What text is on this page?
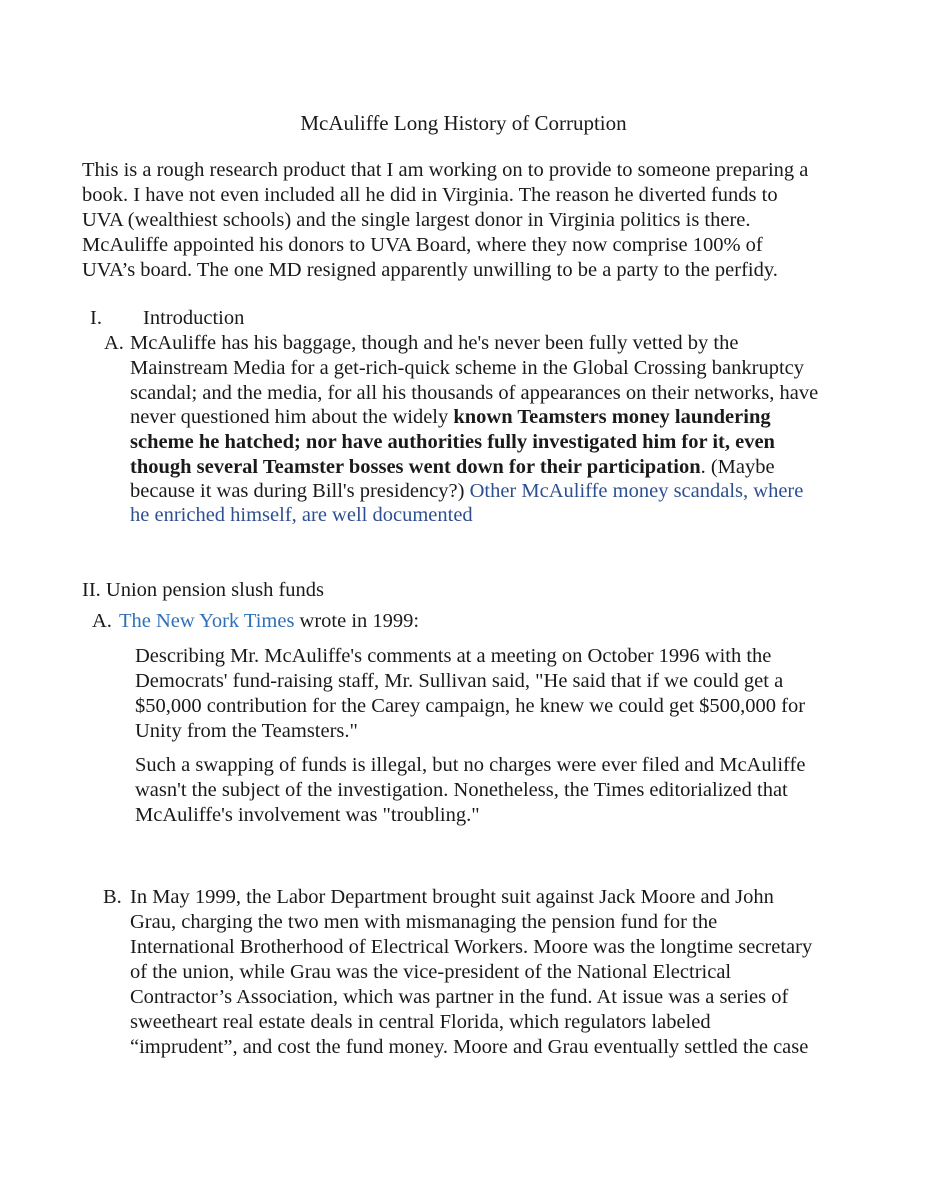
McAuliffe Long History of Corruption
This is a rough research product that I am working on to provide to someone preparing a
book. I have not even included all he did in Virginia. The reason he diverted funds to
UVA (wealthiest schools) and the single largest donor in Virginia politics is there.
McAuliffe appointed his donors to UVA Board, where they now comprise 100% of
UVA’s board. The one MD resigned apparently unwilling to be a party to the perfidy.
I. Introduction
A. McAuliffe has his baggage, though and he's never been fully vetted by the
Mainstream Media for a get-rich-quick scheme in the Global Crossing bankruptcy
scandal; and the media, for all his thousands of appearances on their networks, have
never questioned him about the widely known Teamsters money laundering
scheme he hatched; nor have authorities fully investigated him for it, even
though several Teamster bosses went down for their participation. (Maybe
because it was during Bill's presidency?) Other McAuliffe money scandals, where
he enriched himself, are well documented
II. Union pension slush funds
A. The New York Times wrote in 1999:
Describing Mr. McAuliffe's comments at a meeting on October 1996 with the
Democrats' fund-raising staff, Mr. Sullivan said, "He said that if we could get a
$50,000 contribution for the Carey campaign, he knew we could get $500,000 for
Unity from the Teamsters."
Such a swapping of funds is illegal, but no charges were ever filed and McAuliffe
wasn't the subject of the investigation. Nonetheless, the Times editorialized that
McAuliffe's involvement was "troubling."
B. In May 1999, the Labor Department brought suit against Jack Moore and John
Grau, charging the two men with mismanaging the pension fund for the
International Brotherhood of Electrical Workers. Moore was the longtime secretary
of the union, while Grau was the vice-president of the National Electrical
Contractor’s Association, which was partner in the fund. At issue was a series of
sweetheart real estate deals in central Florida, which regulators labeled
“imprudent”, and cost the fund money. Moore and Grau eventually settled the case
